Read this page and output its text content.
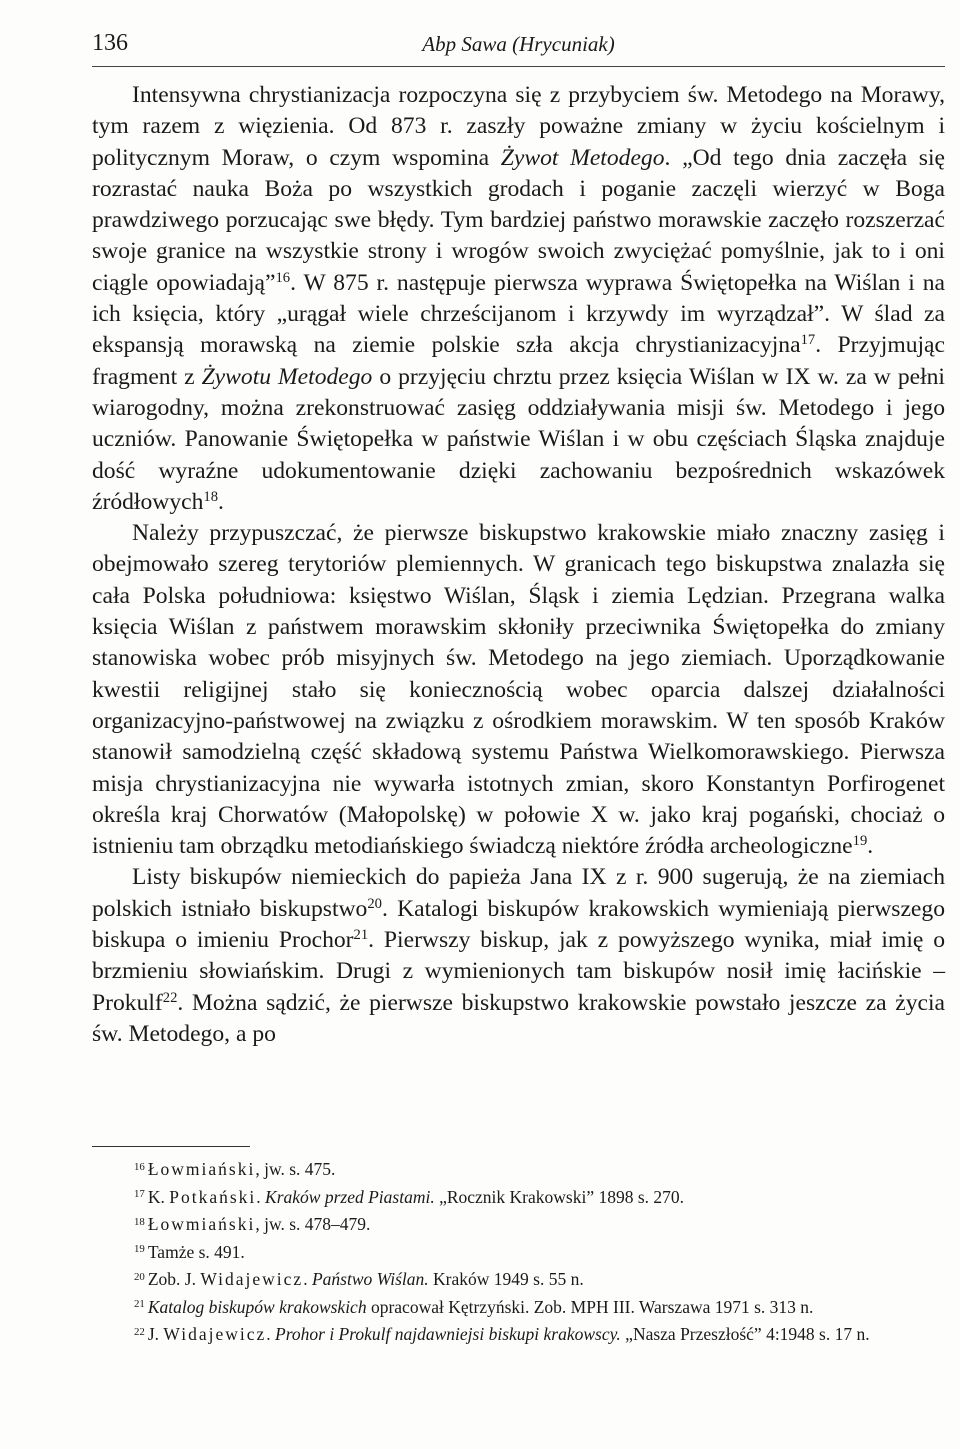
136	Abp Sawa (Hrycuniak)

Intensywna chrystianizacja rozpoczyna się z przybyciem św. Metodego na Morawy, tym razem z więzienia. Od 873 r. zaszły poważne zmiany w życiu kościelnym i politycznym Moraw, o czym wspomina Żywot Metodego. „Od tego dnia zaczęła się rozrastać nauka Boża po wszystkich grodach i poganie zaczęli wierzyć w Boga prawdziwego porzucając swe błędy. Tym bardziej państwo morawskie zaczęło rozszerzać swoje granice na wszystkie strony i wrogów swoich zwyciężać pomyślnie, jak to i oni ciągle opowiadają”$^{16}$. W 875 r. następuje pierwsza wyprawa Świętopełka na Wiślan i na ich księcia, który „urągał wiele chrześcijanom i krzywdy im wyrządzał”. W ślad za ekspansją morawską na ziemie polskie szła akcja chrystianizacyjna$^{17}$. Przyjmując fragment z Żywotu Metodego o przyjęciu chrztu przez księcia Wiślan w IX w. za w pełni wiarogodny, można zrekonstruować zasięg oddziaływania misji św. Metodego i jego uczniów. Panowanie Świętopełka w państwie Wiślan i w obu częściach Śląska znajduje dość wyraźne udokumentowanie dzięki zachowaniu bezpośrednich wskazówek źródłowych$^{18}$.

Należy przypuszczać, że pierwsze biskupstwo krakowskie miało znaczny zasięg i obejmowało szereg terytoriów plemiennych. W granicach tego biskupstwa znalazła się cała Polska południowa: księstwo Wiślan, Śląsk i ziemia Lędzian. Przegrana walka księcia Wiślan z państwem morawskim skłoniły przeciwnika Świętopełka do zmiany stanowiska wobec prób misyjnych św. Metodego na jego ziemiach. Uporządkowanie kwestii religijnej stało się koniecznością wobec oparcia dalszej działalności organizacyjno-państwowej na związku z ośrodkiem morawskim. W ten sposób Kraków stanowił samodzielną część składową systemu Państwa Wielkomorawskiego. Pierwsza misja chrystianizacyjna nie wywarła istotnych zmian, skoro Konstantyn Porfirogenet określa kraj Chorwatów (Małopolskę) w połowie X w. jako kraj pogański, chociaż o istnieniu tam obrządku metodiańskiego świadczą niektóre źródła archeologiczne$^{19}$.

Listy biskupów niemieckich do papieża Jana IX z r. 900 sugerują, że na ziemiach polskich istniało biskupstwo$^{20}$. Katalogi biskupów krakowskich wymieniają pierwszego biskupa o imieniu Prochor$^{21}$. Pierwszy biskup, jak z powyższego wynika, miał imię o brzmieniu słowiańskim. Drugi z wymienionych tam biskupów nosił imię łacińskie – Prokulf$^{22}$. Można sądzić, że pierwsze biskupstwo krakowskie powstało jeszcze za życia św. Metodego, a po

$^{16}$ Łowmiański, jw. s. 475.
$^{17}$ K. Potkański. Kraków przed Piastami. „Rocznik Krakowski” 1898 s. 270.
$^{18}$ Łowmiański, jw. s. 478–479.
$^{19}$ Tamże s. 491.
$^{20}$ Zob. J. Widajewicz. Państwo Wiślan. Kraków 1949 s. 55 n.
$^{21}$ Katalog biskupów krakowskich opracował Kętrzyński. Zob. MPH III. Warszawa 1971 s. 313 n.
$^{22}$ J. Widajewicz. Prohor i Prokulf najdawniejsi biskupi krakowscy. „Nasza Przeszłość” 4:1948 s. 17 n.
